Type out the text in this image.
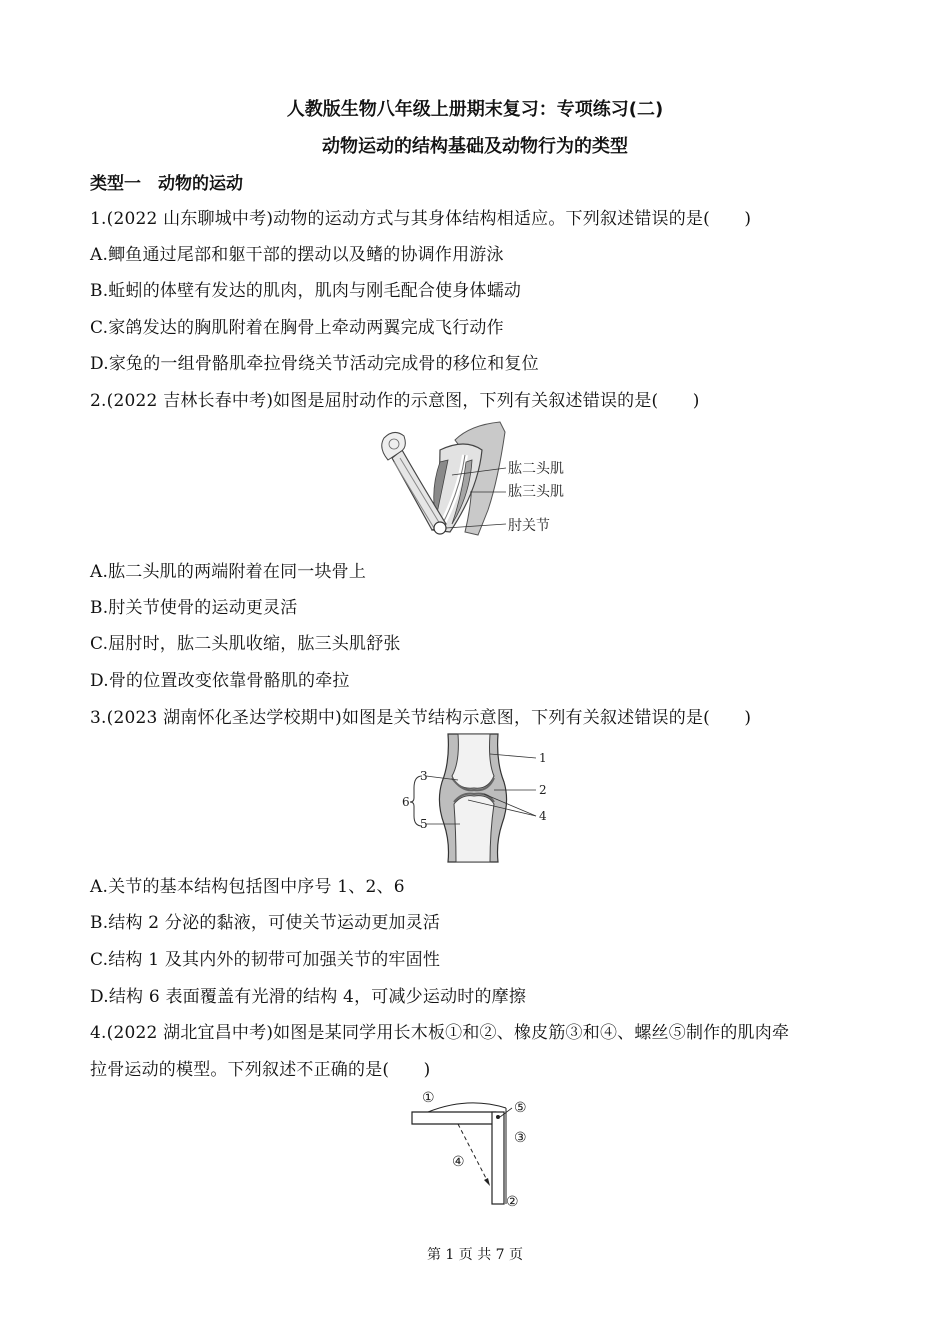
人教版生物八年级上册期末复习：专项练习(二)
动物运动的结构基础及动物行为的类型
类型一　动物的运动
1.(2022 山东聊城中考)动物的运动方式与其身体结构相适应。下列叙述错误的是(　　)
A.鲫鱼通过尾部和躯干部的摆动以及鳍的协调作用游泳
B.蚯蚓的体壁有发达的肌肉，肌肉与刚毛配合使身体蠕动
C.家鸽发达的胸肌附着在胸骨上牵动两翼完成飞行动作
D.家兔的一组骨骼肌牵拉骨绕关节活动完成骨的移位和复位
2.(2022 吉林长春中考)如图是屈肘动作的示意图，下列有关叙述错误的是(　　)
肱二头肌
肱三头肌
肘关节
A.肱二头肌的两端附着在同一块骨上
B.肘关节使骨的运动更灵活
C.屈肘时，肱二头肌收缩，肱三头肌舒张
D.骨的位置改变依靠骨骼肌的牵拉
3.(2023 湖南怀化圣达学校期中)如图是关节结构示意图，下列有关叙述错误的是(　　)
1
2
3
4
5
6
A.关节的基本结构包括图中序号 1、2、6
B.结构 2 分泌的黏液，可使关节运动更加灵活
C.结构 1 及其内外的韧带可加强关节的牢固性
D.结构 6 表面覆盖有光滑的结构 4，可减少运动时的摩擦
4.(2022 湖北宜昌中考)如图是某同学用长木板①和②、橡皮筋③和④、螺丝⑤制作的肌肉牵
拉骨运动的模型。下列叙述不正确的是(　　)
①
⑤
③
④
②
第 1 页 共 7 页
